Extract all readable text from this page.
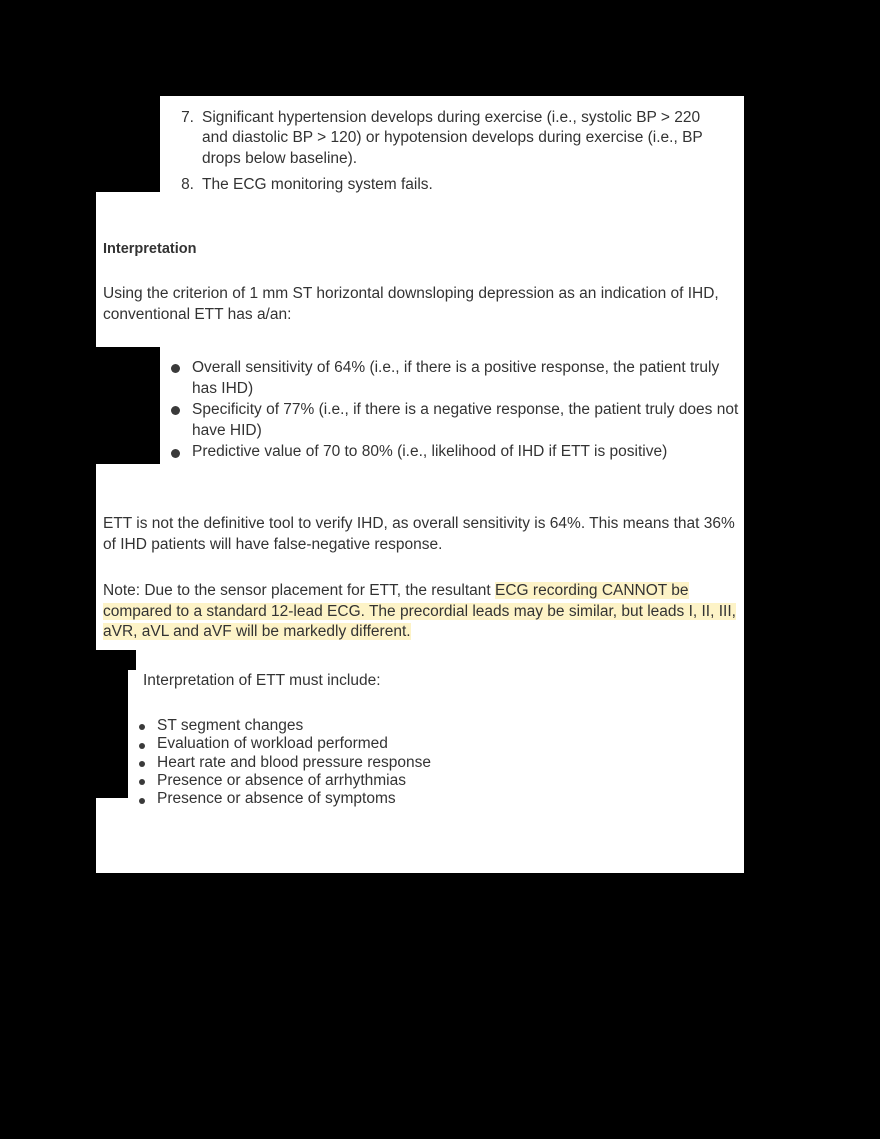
7. Significant hypertension develops during exercise (i.e., systolic BP > 220 and diastolic BP > 120) or hypotension develops during exercise (i.e., BP drops below baseline).
8. The ECG monitoring system fails.
Interpretation
Using the criterion of 1 mm ST horizontal downsloping depression as an indication of IHD, conventional ETT has a/an:
Overall sensitivity of 64% (i.e., if there is a positive response, the patient truly has IHD)
Specificity of 77% (i.e., if there is a negative response, the patient truly does not have HID)
Predictive value of 70 to 80% (i.e., likelihood of IHD if ETT is positive)
ETT is not the definitive tool to verify IHD, as overall sensitivity is 64%. This means that 36% of IHD patients will have false-negative response.
Note: Due to the sensor placement for ETT, the resultant ECG recording CANNOT be compared to a standard 12-lead ECG. The precordial leads may be similar, but leads I, II, III, aVR, aVL and aVF will be markedly different.
Interpretation of ETT must include:
ST segment changes
Evaluation of workload performed
Heart rate and blood pressure response
Presence or absence of arrhythmias
Presence or absence of symptoms
